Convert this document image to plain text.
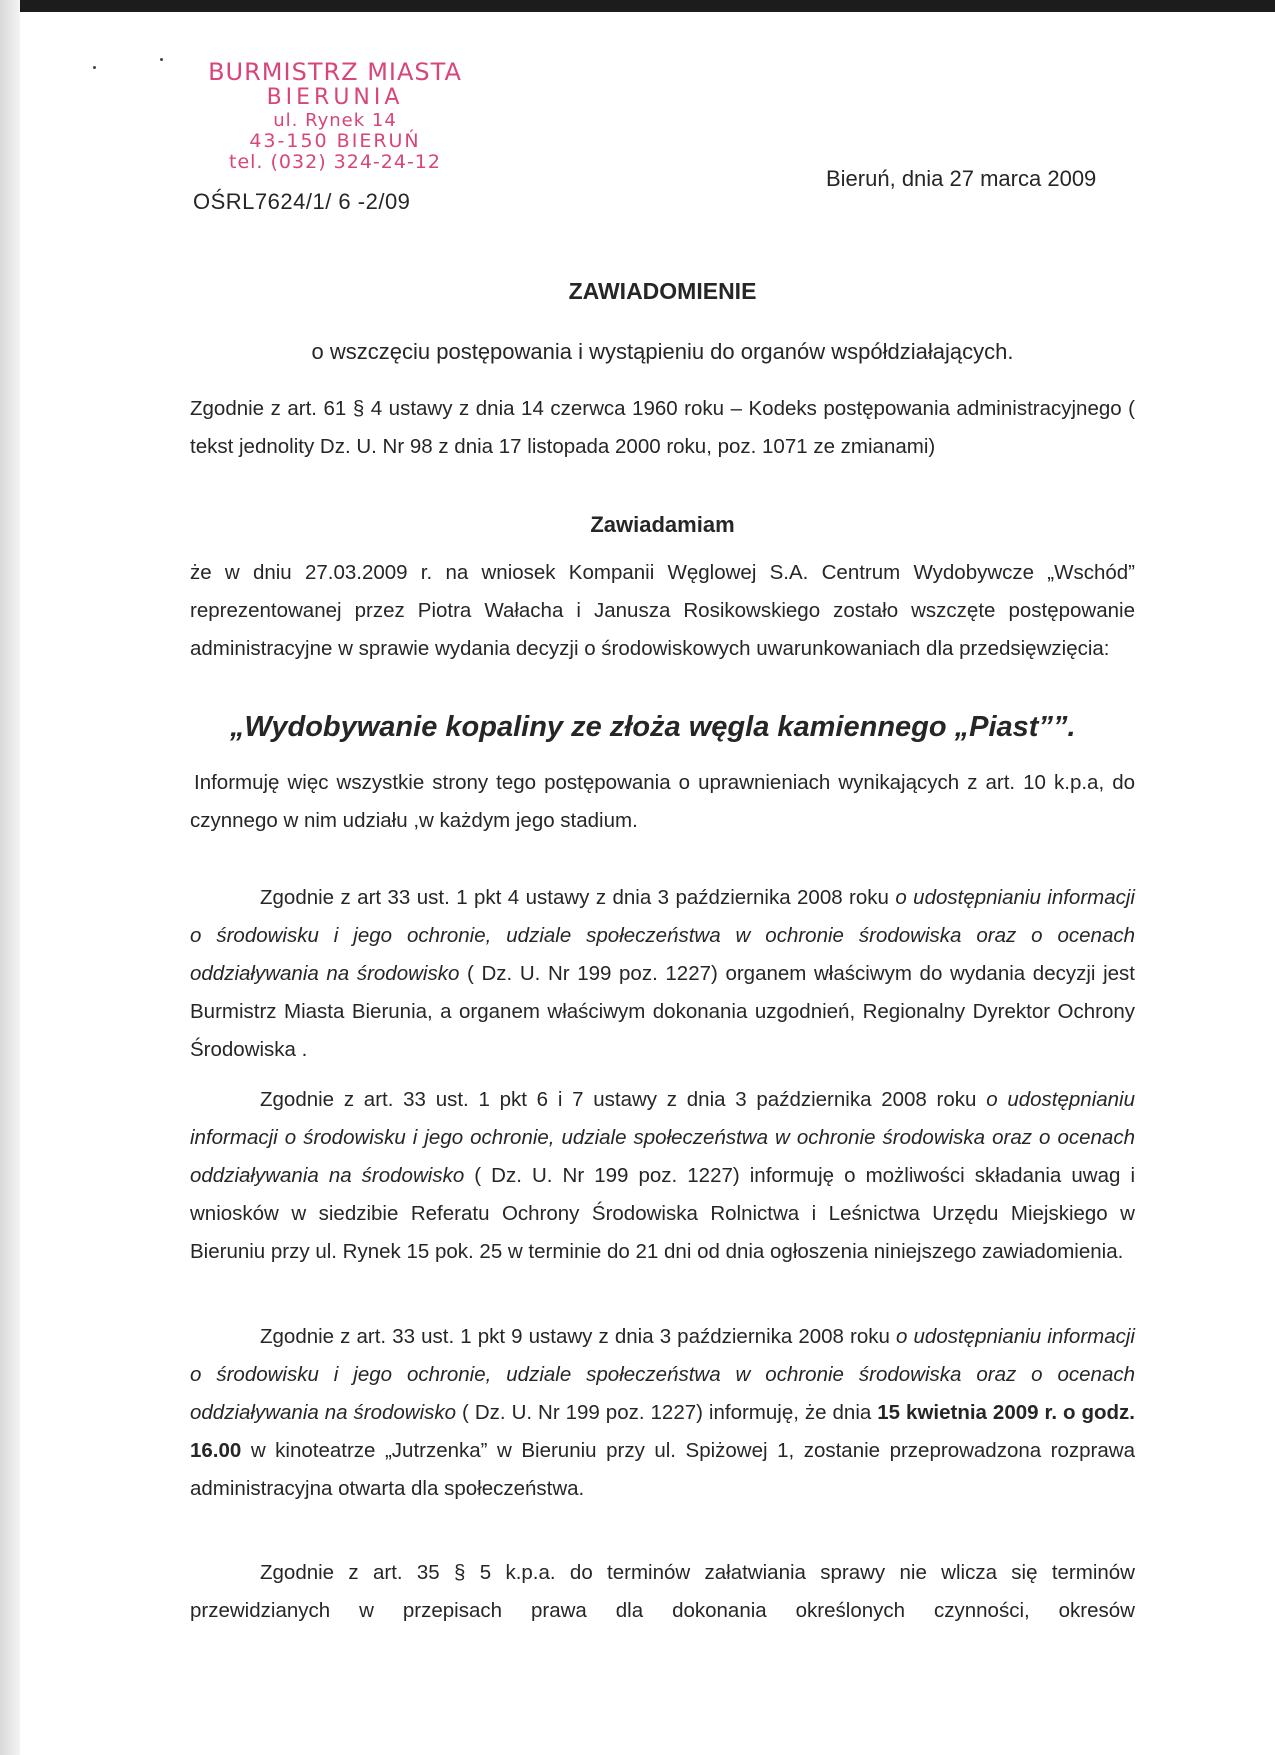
BURMISTRZ MIASTA
BIERUNIA
ul. Rynek 14
43-150 BIERUŃ
tel. (032) 324-24-12
OŚRL7624/1/ 6 -2/09
Bieruń, dnia 27 marca 2009
ZAWIADOMIENIE
o wszczęciu postępowania i wystąpieniu do organów współdziałających.
Zgodnie z art. 61 § 4 ustawy z dnia 14 czerwca 1960 roku – Kodeks postępowania administracyjnego ( tekst jednolity Dz. U. Nr 98 z dnia 17 listopada 2000 roku, poz. 1071 ze zmianami)
Zawiadamiam
że w dniu 27.03.2009 r. na wniosek Kompanii Węglowej S.A. Centrum Wydobywcze „Wschód” reprezentowanej przez Piotra Wałacha i Janusza Rosikowskiego zostało wszczęte postępowanie administracyjne w sprawie wydania decyzji o środowiskowych uwarunkowaniach dla przedsięwzięcia:
„Wydobywanie kopaliny ze złoża węgla kamiennego „Piast””.
Informuję więc wszystkie strony tego postępowania o uprawnieniach wynikających z art. 10 k.p.a, do czynnego w nim udziału ,w każdym jego stadium.
Zgodnie z art 33 ust. 1 pkt 4 ustawy z dnia 3 października 2008 roku o udostępnianiu informacji o środowisku i jego ochronie, udziale społeczeństwa w ochronie środowiska oraz o ocenach oddziaływania na środowisko ( Dz. U. Nr 199 poz. 1227) organem właściwym do wydania decyzji jest Burmistrz Miasta Bierunia, a organem właściwym dokonania uzgodnień, Regionalny Dyrektor Ochrony Środowiska .
Zgodnie z art. 33 ust. 1 pkt 6 i 7 ustawy z dnia 3 października 2008 roku o udostępnianiu informacji o środowisku i jego ochronie, udziale społeczeństwa w ochronie środowiska oraz o ocenach oddziaływania na środowisko ( Dz. U. Nr 199 poz. 1227) informuję o możliwości składania uwag i wniosków w siedzibie Referatu Ochrony Środowiska Rolnictwa i Leśnictwa Urzędu Miejskiego w Bieruniu przy ul. Rynek 15 pok. 25 w terminie do 21 dni od dnia ogłoszenia niniejszego zawiadomienia.
Zgodnie z art. 33 ust. 1 pkt 9 ustawy z dnia 3 października 2008 roku o udostępnianiu informacji o środowisku i jego ochronie, udziale społeczeństwa w ochronie środowiska oraz o ocenach oddziaływania na środowisko ( Dz. U. Nr 199 poz. 1227) informuję, że dnia 15 kwietnia 2009 r. o godz. 16.00 w kinoteatrze „Jutrzenka” w Bieruniu przy ul. Spiżowej 1, zostanie przeprowadzona rozprawa administracyjna otwarta dla społeczeństwa.
Zgodnie z art. 35 § 5 k.p.a. do terminów załatwiania sprawy nie wlicza się terminów przewidzianych w przepisach prawa dla dokonania określonych czynności, okresów
